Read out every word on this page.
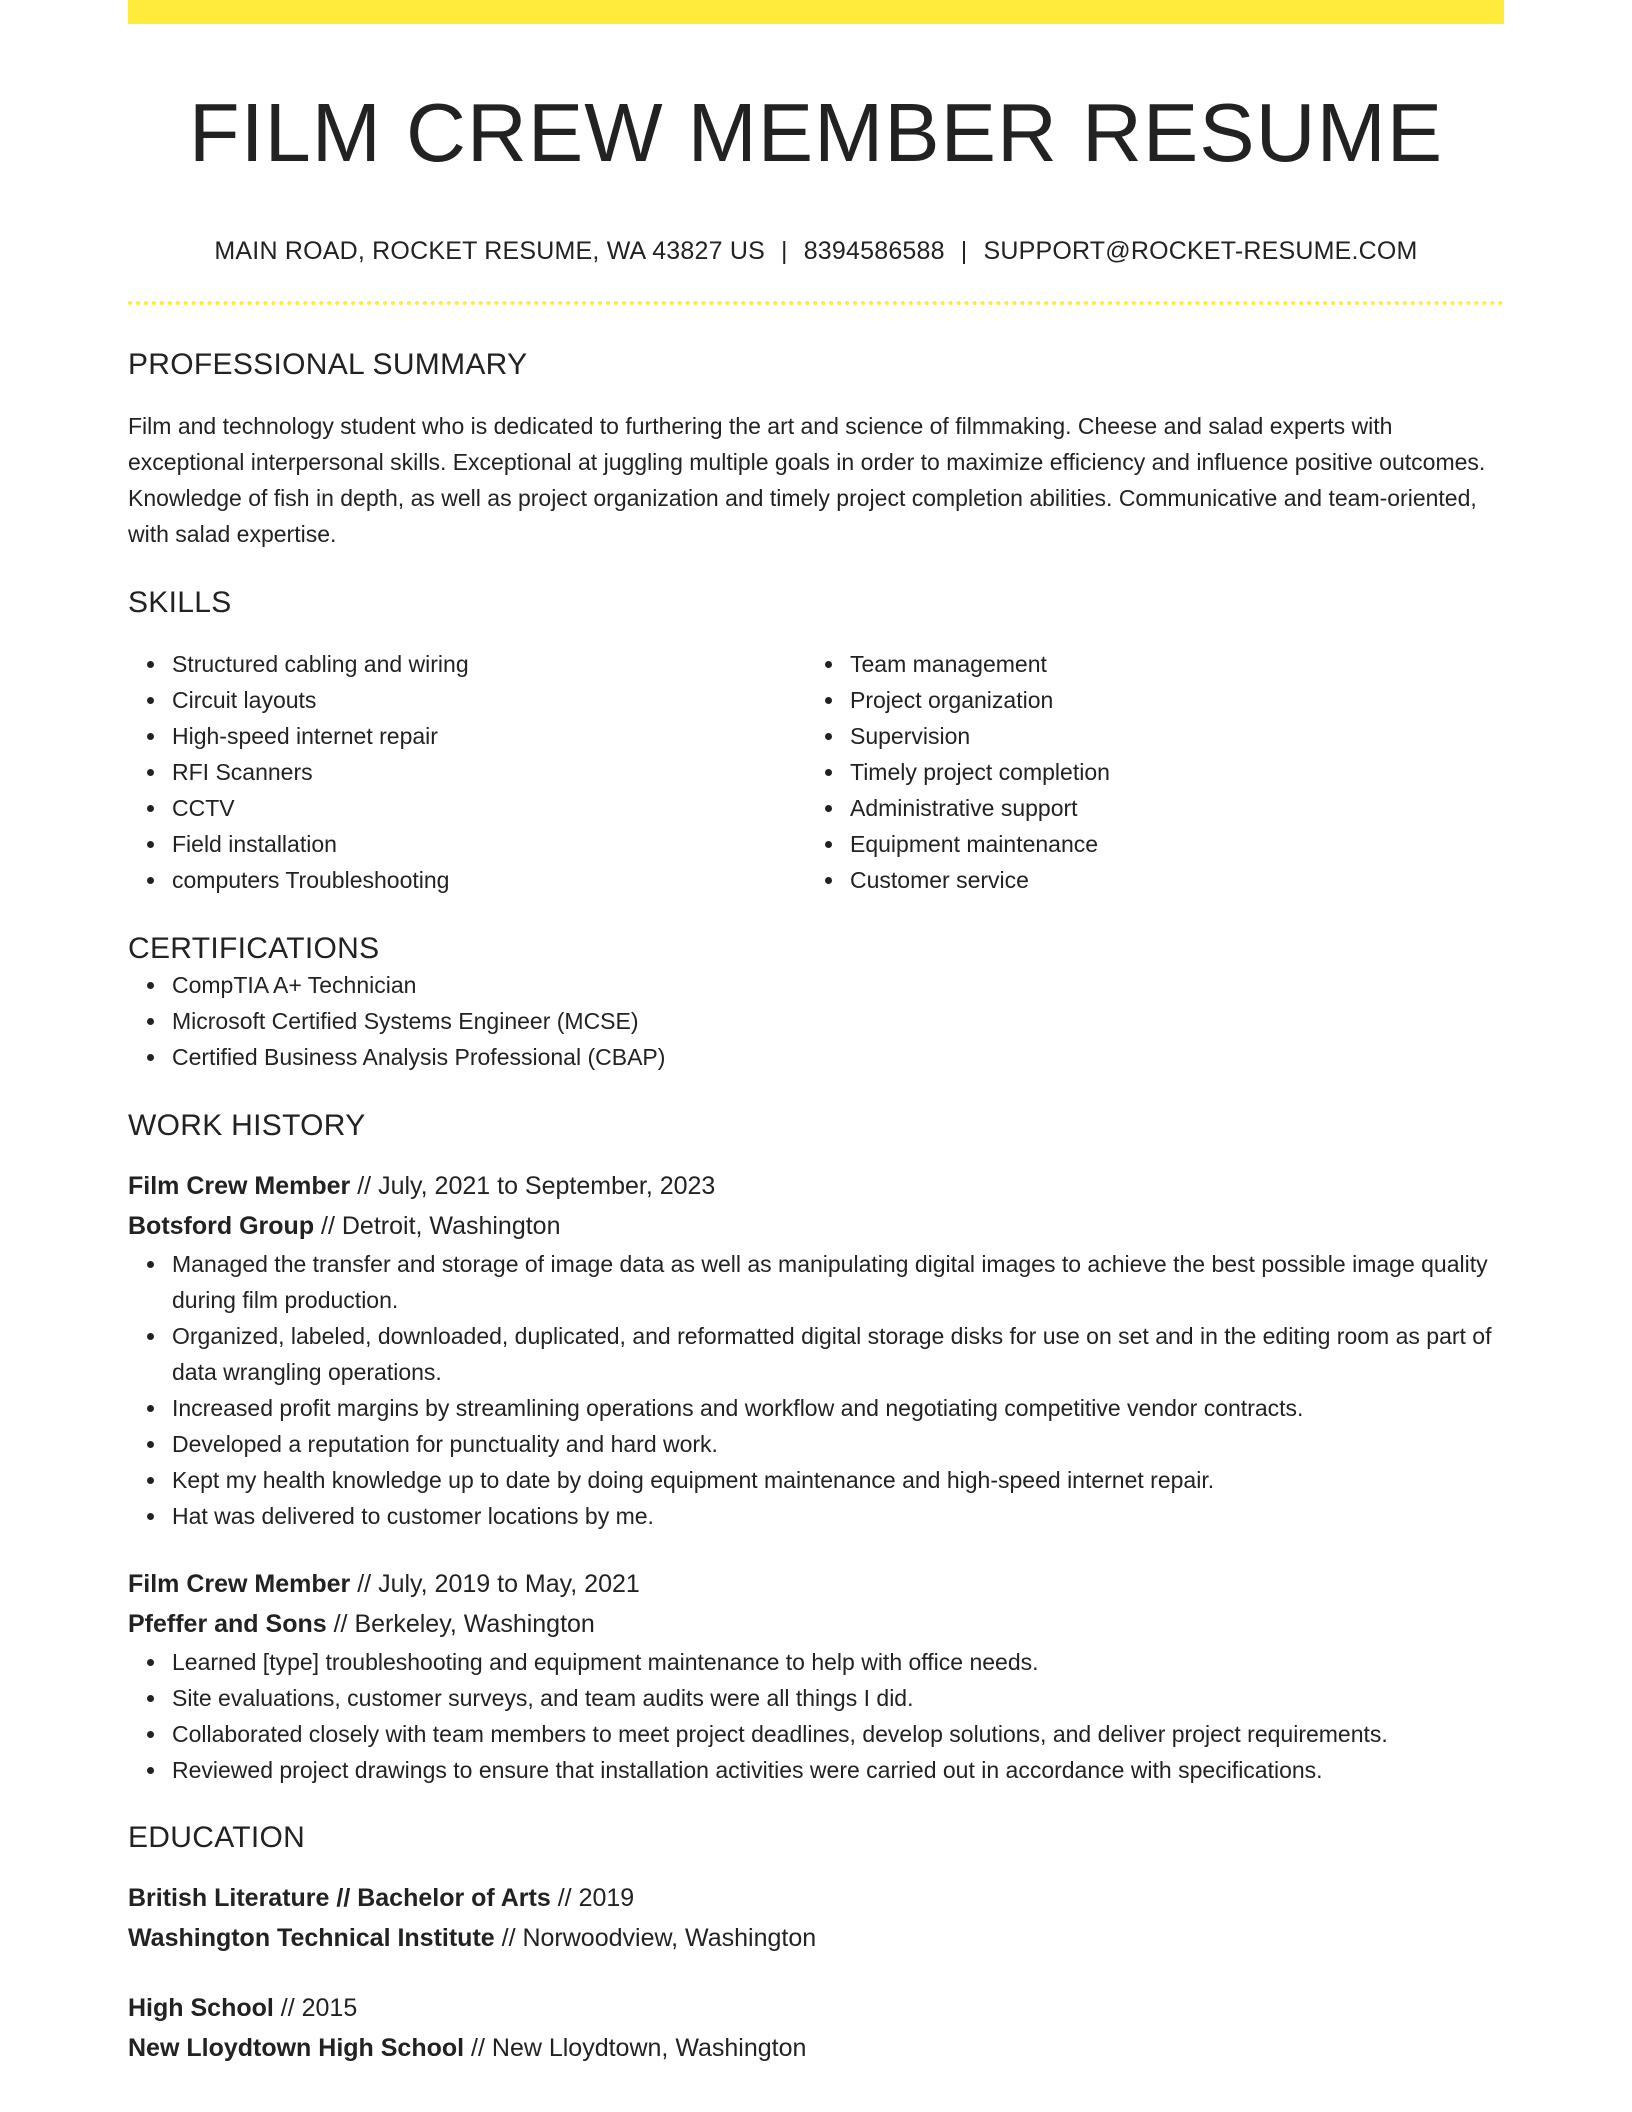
FILM CREW MEMBER RESUME
MAIN ROAD, ROCKET RESUME, WA 43827 US | 8394586588 | SUPPORT@ROCKET-RESUME.COM
PROFESSIONAL SUMMARY

Film and technology student who is dedicated to furthering the art and science of filmmaking. Cheese and salad experts with exceptional interpersonal skills. Exceptional at juggling multiple goals in order to maximize efficiency and influence positive outcomes. Knowledge of fish in depth, as well as project organization and timely project completion abilities. Communicative and team-oriented, with salad expertise.

SKILLS
Structured cabling and wiring
Circuit layouts
High-speed internet repair
RFI Scanners
CCTV
Field installation
computers Troubleshooting
Team management
Project organization
Supervision
Timely project completion
Administrative support
Equipment maintenance
Customer service
CERTIFICATIONS
CompTIA A+ Technician
Microsoft Certified Systems Engineer (MCSE)
Certified Business Analysis Professional (CBAP)
WORK HISTORY
Film Crew Member // July, 2021 to September, 2023
Botsford Group // Detroit, Washington
Managed the transfer and storage of image data as well as manipulating digital images to achieve the best possible image quality during film production.
Organized, labeled, downloaded, duplicated, and reformatted digital storage disks for use on set and in the editing room as part of data wrangling operations.
Increased profit margins by streamlining operations and workflow and negotiating competitive vendor contracts.
Developed a reputation for punctuality and hard work.
Kept my health knowledge up to date by doing equipment maintenance and high-speed internet repair.
Hat was delivered to customer locations by me.
Film Crew Member // July, 2019 to May, 2021
Pfeffer and Sons // Berkeley, Washington
Learned [type] troubleshooting and equipment maintenance to help with office needs.
Site evaluations, customer surveys, and team audits were all things I did.
Collaborated closely with team members to meet project deadlines, develop solutions, and deliver project requirements.
Reviewed project drawings to ensure that installation activities were carried out in accordance with specifications.
EDUCATION
British Literature // Bachelor of Arts // 2019
Washington Technical Institute // Norwoodview, Washington
High School // 2015
New Lloydtown High School // New Lloydtown, Washington
